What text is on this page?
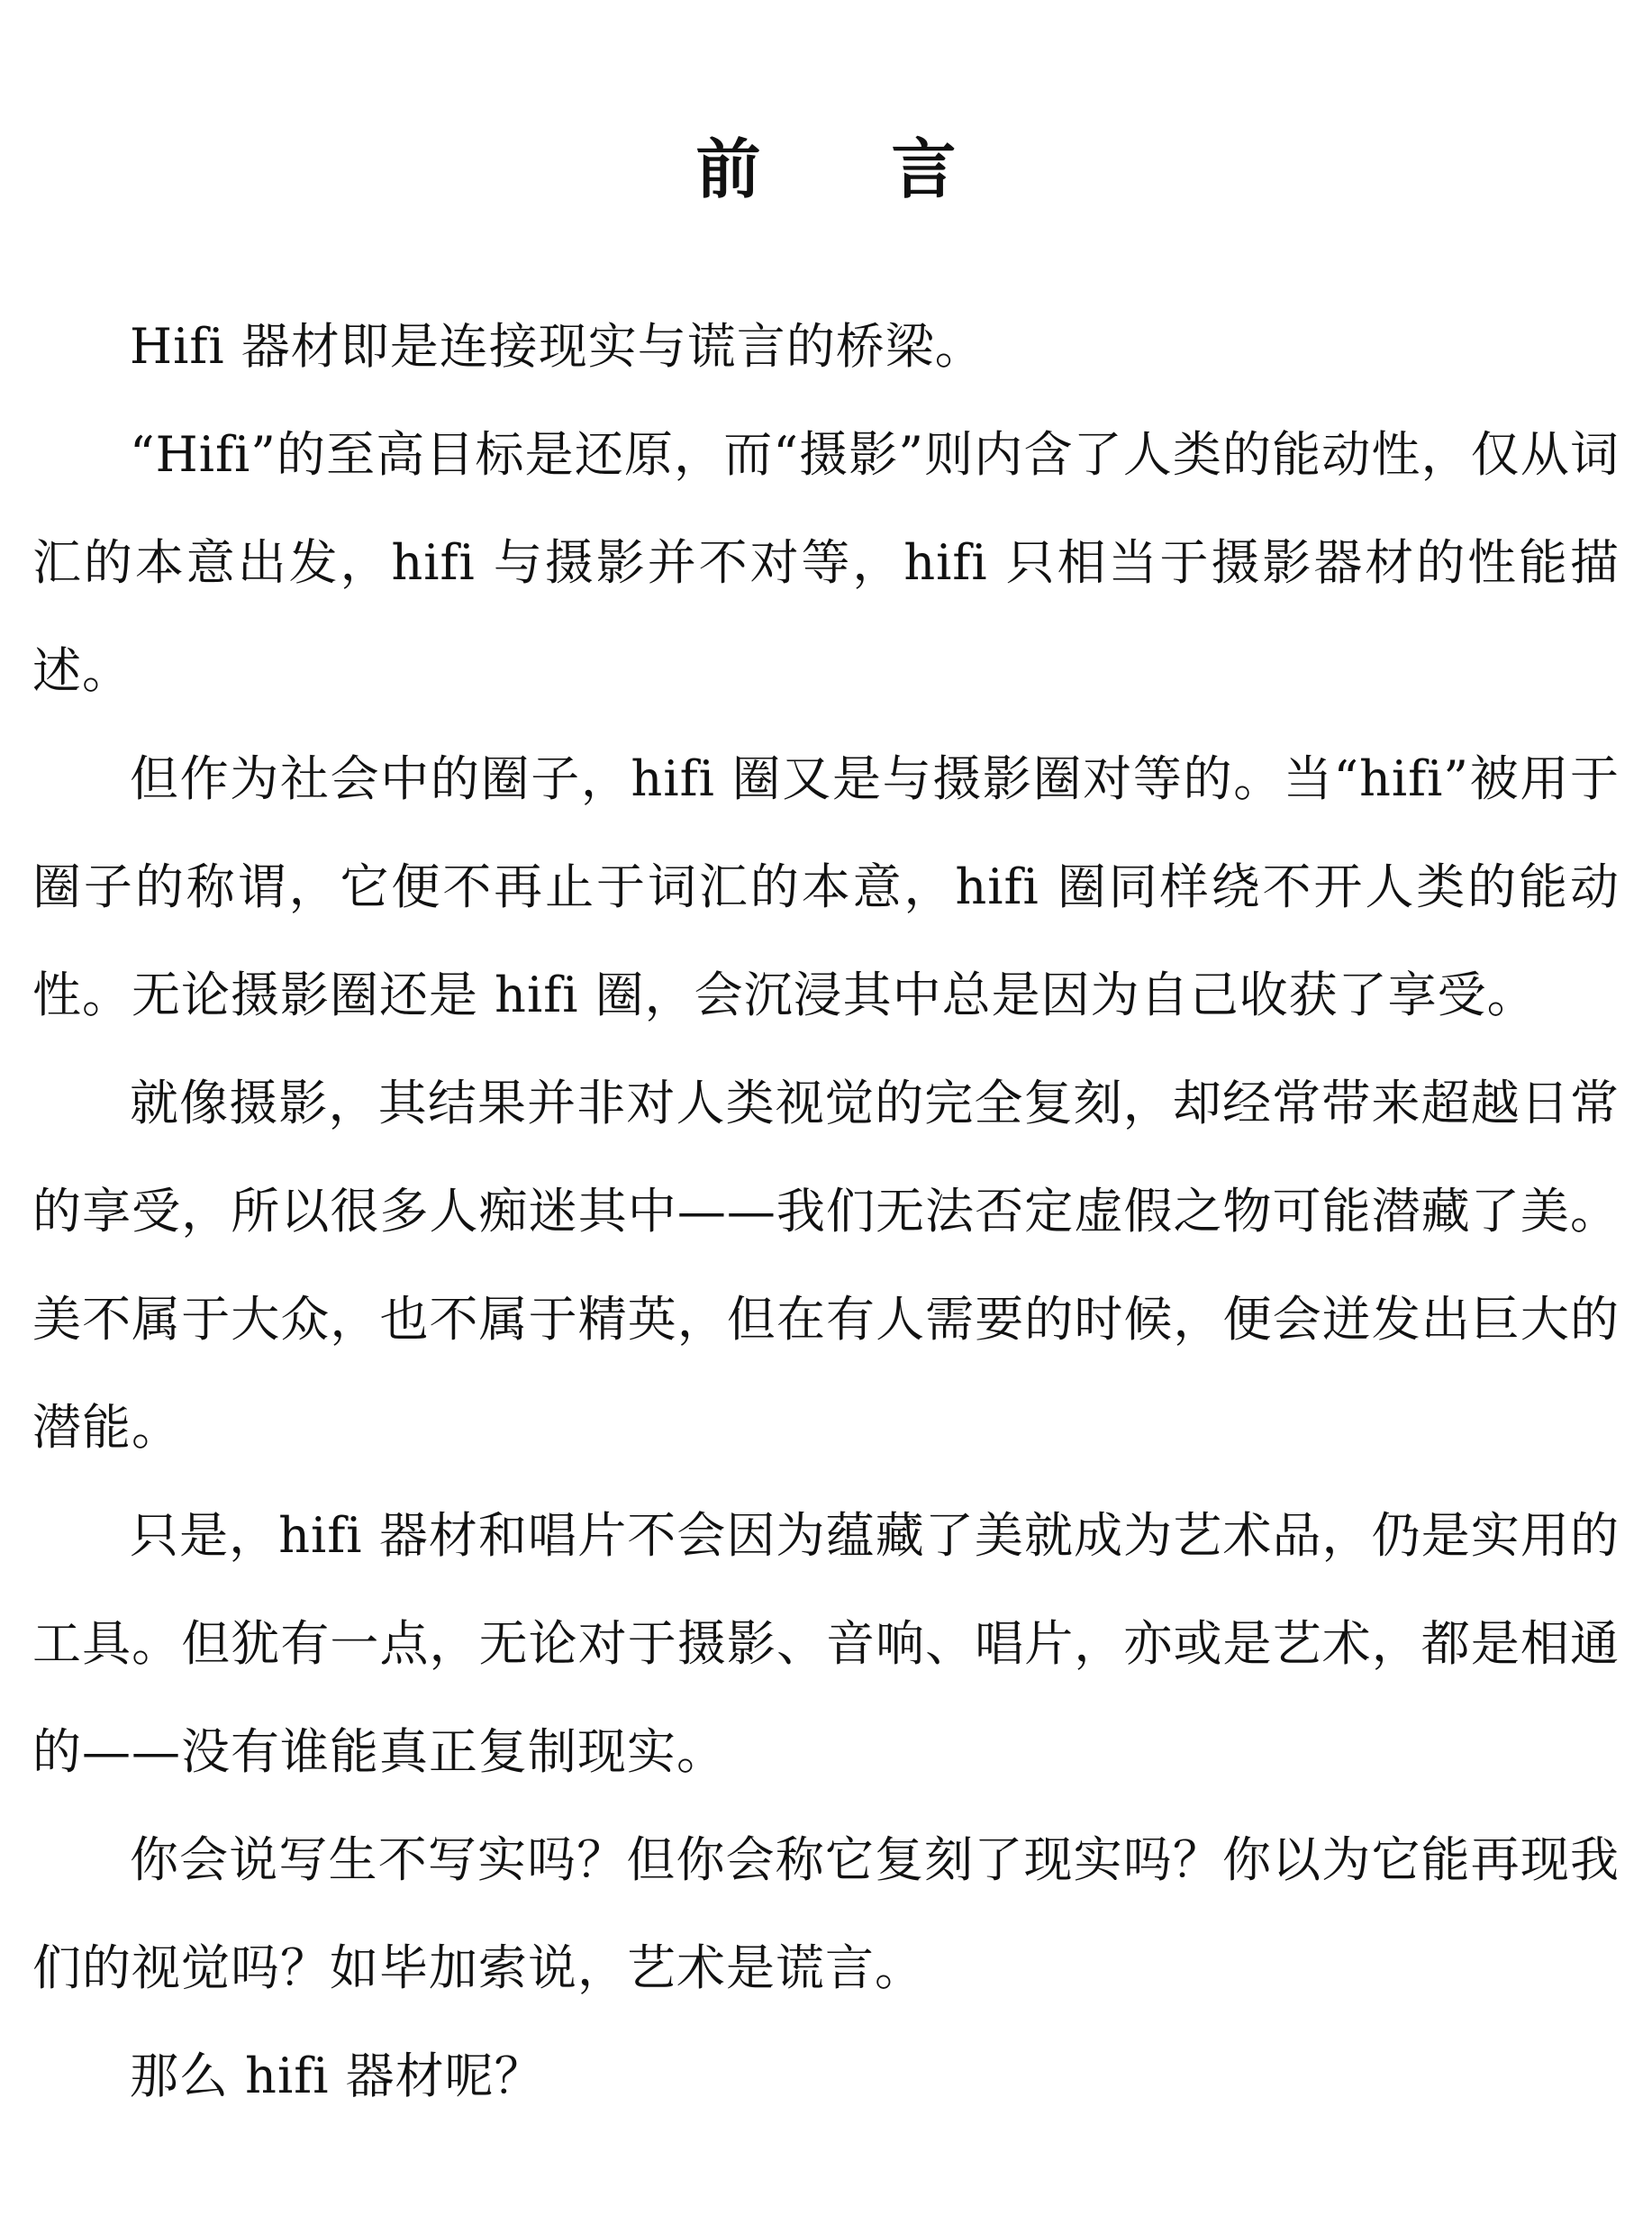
前 言

Hifi 器材即是连接现实与谎言的桥梁。

“Hifi”的至高目标是还原，而“摄影”则内含了人类的能动性，仅从词汇的本意出发，hifi 与摄影并不对等，hifi 只相当于摄影器材的性能描述。

但作为社会中的圈子，hifi 圈又是与摄影圈对等的。当“hifi”被用于圈子的称谓，它便不再止于词汇的本意，hifi 圈同样绕不开人类的能动性。无论摄影圈还是 hifi 圈，会沉浸其中总是因为自己收获了享受。

就像摄影，其结果并非对人类视觉的完全复刻，却经常带来超越日常的享受，所以很多人痴迷其中——我们无法否定虚假之物可能潜藏了美。美不属于大众，也不属于精英，但在有人需要的时候，便会迸发出巨大的潜能。

只是，hifi 器材和唱片不会因为蕴藏了美就成为艺术品，仍是实用的工具。但犹有一点，无论对于摄影、音响、唱片，亦或是艺术，都是相通的——没有谁能真正复制现实。

你会说写生不写实吗？但你会称它复刻了现实吗？你以为它能再现我们的视觉吗？如毕加索说，艺术是谎言。

那么 hifi 器材呢？
